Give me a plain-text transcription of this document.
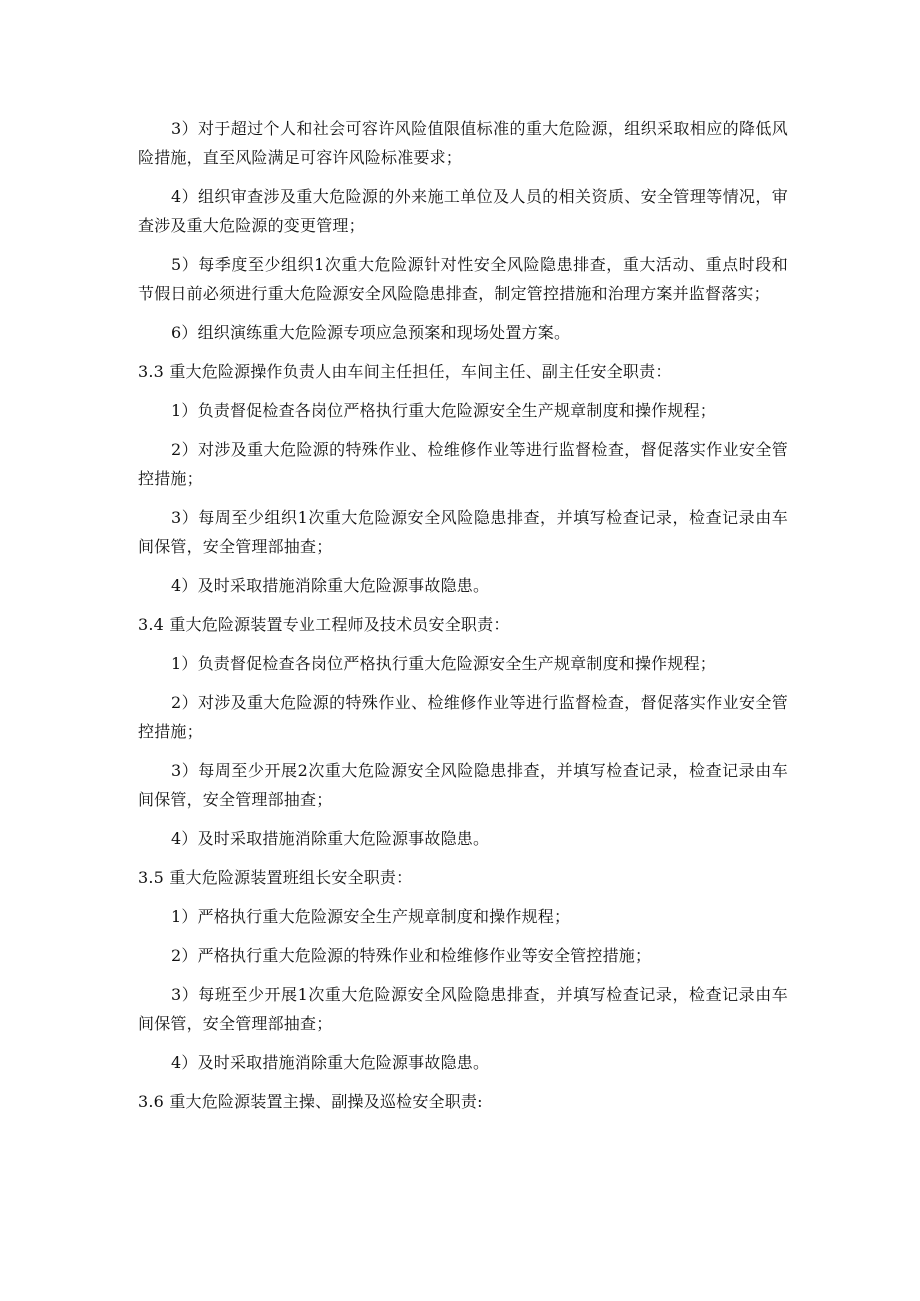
3）对于超过个人和社会可容许风险值限值标准的重大危险源，组织采取相应的降低风险措施，直至风险满足可容许风险标准要求；

4）组织审查涉及重大危险源的外来施工单位及人员的相关资质、安全管理等情况，审查涉及重大危险源的变更管理；

5）每季度至少组织1次重大危险源针对性安全风险隐患排查，重大活动、重点时段和节假日前必须进行重大危险源安全风险隐患排查，制定管控措施和治理方案并监督落实；

6）组织演练重大危险源专项应急预案和现场处置方案。

3.3 重大危险源操作负责人由车间主任担任，车间主任、副主任安全职责：

1）负责督促检查各岗位严格执行重大危险源安全生产规章制度和操作规程；

2）对涉及重大危险源的特殊作业、检维修作业等进行监督检查，督促落实作业安全管控措施；

3）每周至少组织1次重大危险源安全风险隐患排查，并填写检查记录，检查记录由车间保管，安全管理部抽查；

4）及时采取措施消除重大危险源事故隐患。

3.4 重大危险源装置专业工程师及技术员安全职责：

1）负责督促检查各岗位严格执行重大危险源安全生产规章制度和操作规程；

2）对涉及重大危险源的特殊作业、检维修作业等进行监督检查，督促落实作业安全管控措施；

3）每周至少开展2次重大危险源安全风险隐患排查，并填写检查记录，检查记录由车间保管，安全管理部抽查；

4）及时采取措施消除重大危险源事故隐患。

3.5 重大危险源装置班组长安全职责：

1）严格执行重大危险源安全生产规章制度和操作规程；

2）严格执行重大危险源的特殊作业和检维修作业等安全管控措施；

3）每班至少开展1次重大危险源安全风险隐患排查，并填写检查记录，检查记录由车间保管，安全管理部抽查；

4）及时采取措施消除重大危险源事故隐患。

3.6 重大危险源装置主操、副操及巡检安全职责:
